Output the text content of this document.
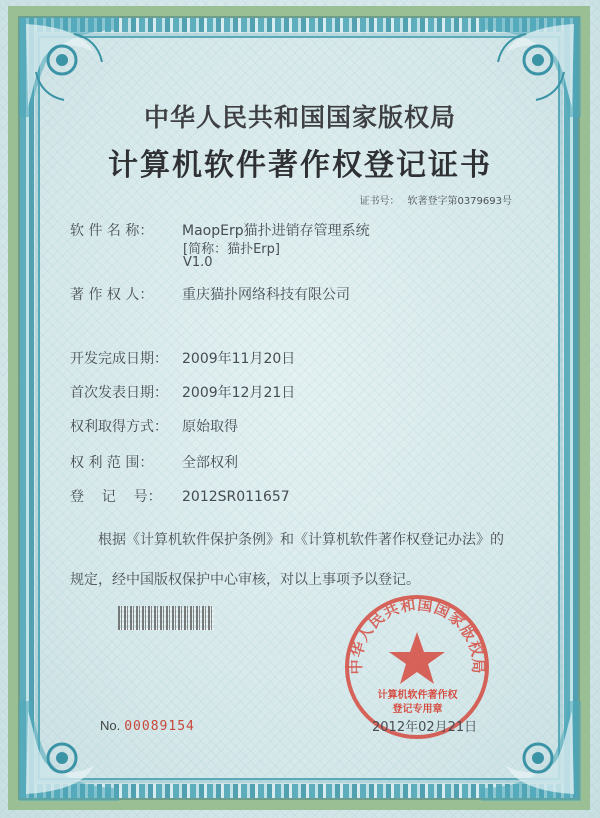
中华人民共和国国家版权局
计算机软件著作权登记证书
证书号： 软著登字第0379693号
软 件 名 称： MaopErp猫扑进销存管理系统
[简称：猫扑Erp]
V1.0
著 作 权 人： 重庆猫扑网络科技有限公司
开发完成日期： 2009年11月20日
首次发表日期： 2009年12月21日
权利取得方式： 原始取得
权 利 范 围： 全部权利
登    记    号： 2012SR011657
根据《计算机软件保护条例》和《计算机软件著作权登记办法》的
规定，经中国版权保护中心审核，对以上事项予以登记。
中华人民共和国国家版权局
计算机软件著作权
登记专用章
No. 00089154	2012年02月21日
